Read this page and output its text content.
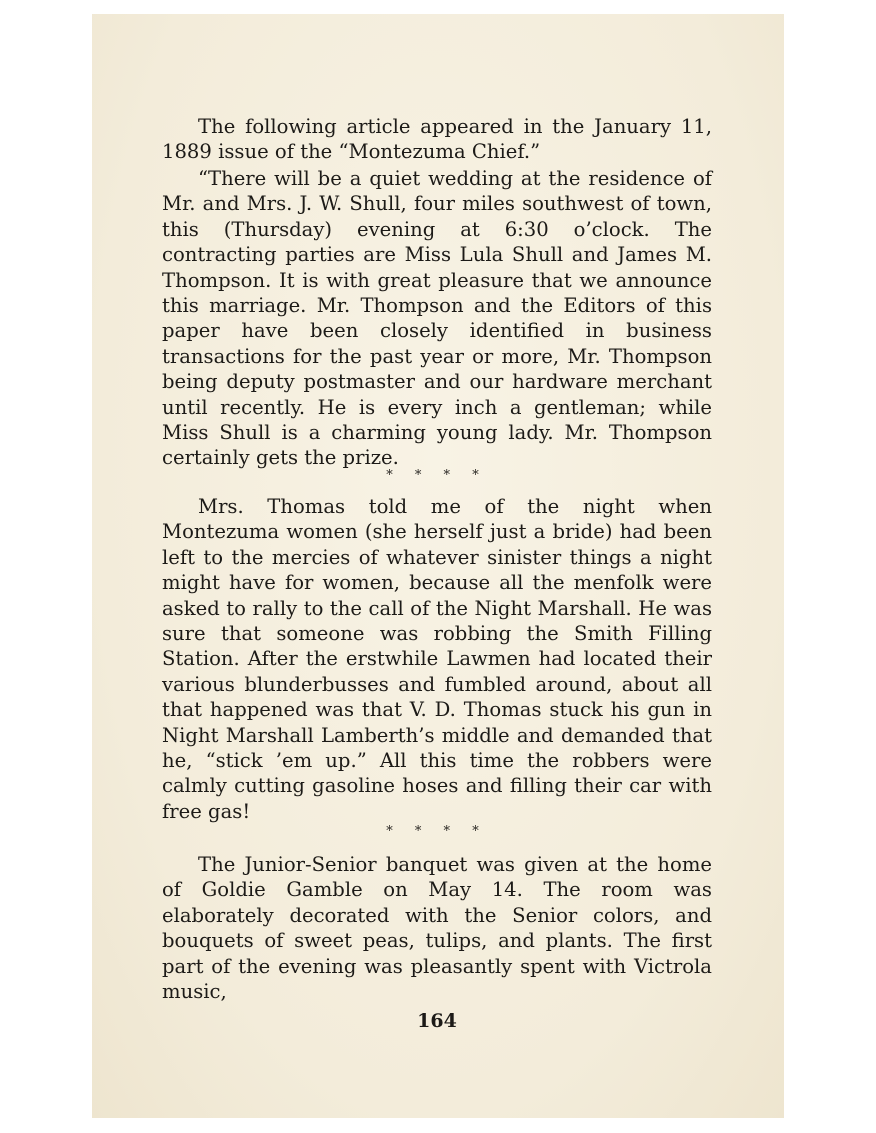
The following article appeared in the January 11, 1889 issue of the “Montezuma Chief.”

“There will be a quiet wedding at the residence of Mr. and Mrs. J. W. Shull, four miles southwest of town, this (Thursday) evening at 6:30 o’clock. The contracting parties are Miss Lula Shull and James M. Thompson. It is with great pleasure that we announce this marriage. Mr. Thompson and the Editors of this paper have been closely identified in business transactions for the past year or more, Mr. Thompson being deputy postmaster and our hardware merchant until recently. He is every inch a gentleman; while Miss Shull is a charming young lady. Mr. Thompson certainly gets the prize.

* * * *

Mrs. Thomas told me of the night when Montezuma women (she herself just a bride) had been left to the mercies of whatever sinister things a night might have for women, because all the menfolk were asked to rally to the call of the Night Marshall. He was sure that someone was robbing the Smith Filling Station. After the erstwhile Lawmen had located their various blunderbusses and fumbled around, about all that happened was that V. D. Thomas stuck his gun in Night Marshall Lamberth’s middle and demanded that he, “stick ’em up.” All this time the robbers were calmly cutting gasoline hoses and filling their car with free gas!

* * * *

The Junior-Senior banquet was given at the home of Goldie Gamble on May 14. The room was elaborately decorated with the Senior colors, and bouquets of sweet peas, tulips, and plants. The first part of the evening was pleasantly spent with Victrola music,

164
